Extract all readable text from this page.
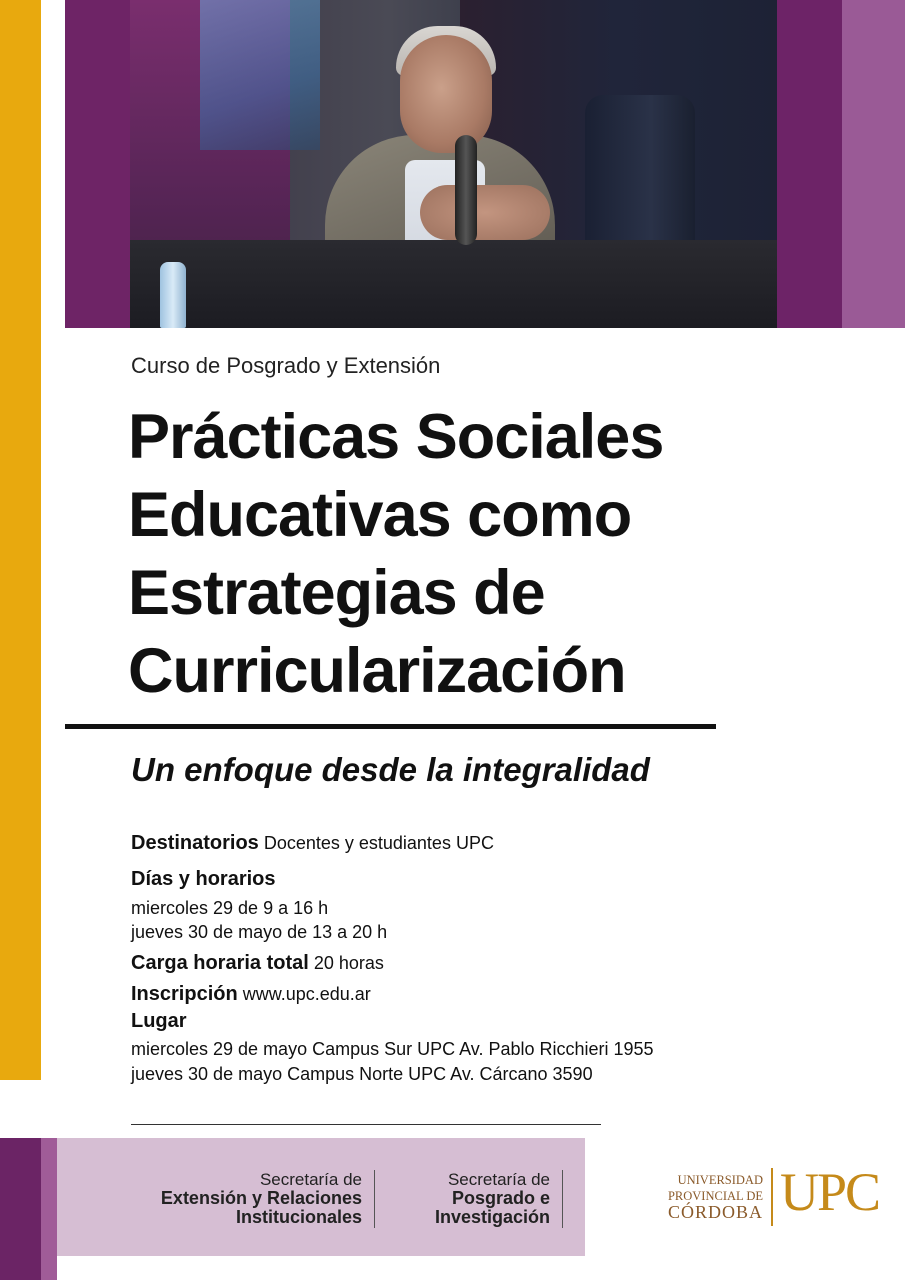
Curso de Posgrado y Extensión
Prácticas Sociales
Educativas como
Estrategias de
Curricularización
Un enfoque desde la integralidad
Destinatorios Docentes y estudiantes UPC
Días y horarios
miercoles 29 de 9 a 16 h
jueves 30 de mayo de 13 a 20 h
Carga horaria total 20 horas
Inscripción www.upc.edu.ar
Lugar
miercoles 29 de mayo Campus Sur UPC Av. Pablo Ricchieri 1955
jueves 30 de mayo Campus Norte UPC Av. Cárcano 3590
Secretaría de
Extensión y Relaciones
Institucionales
Secretaría de
Posgrado e
Investigación
UNIVERSIDAD
PROVINCIAL DE
CÓRDOBA UPC
